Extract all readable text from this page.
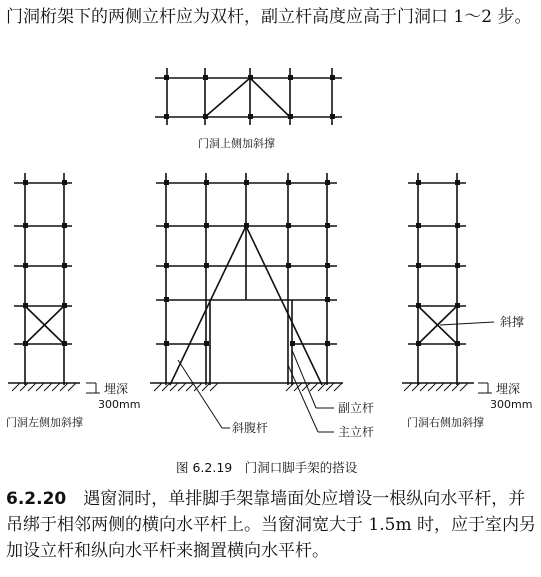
门洞桁架下的两侧立杆应为双杆，副立杆高度应高于门洞口 1～2 步。

门洞上侧加斜撑
埋深
300mm
门洞左侧加斜撑	斜腹杆
副立杆
主立杆
斜撑
埋深
300mm
门洞右侧加斜撑
图 6.2.19　门洞口脚手架的搭设

6.2.20　 遇窗洞时，单排脚手架靠墙面处应增设一根纵向水平杆，并吊绑于相邻两侧的横向水平杆上。当窗洞宽大于 1.5m 时，应于室内另加设立杆和纵向水平杆来搁置横向水平杆。
